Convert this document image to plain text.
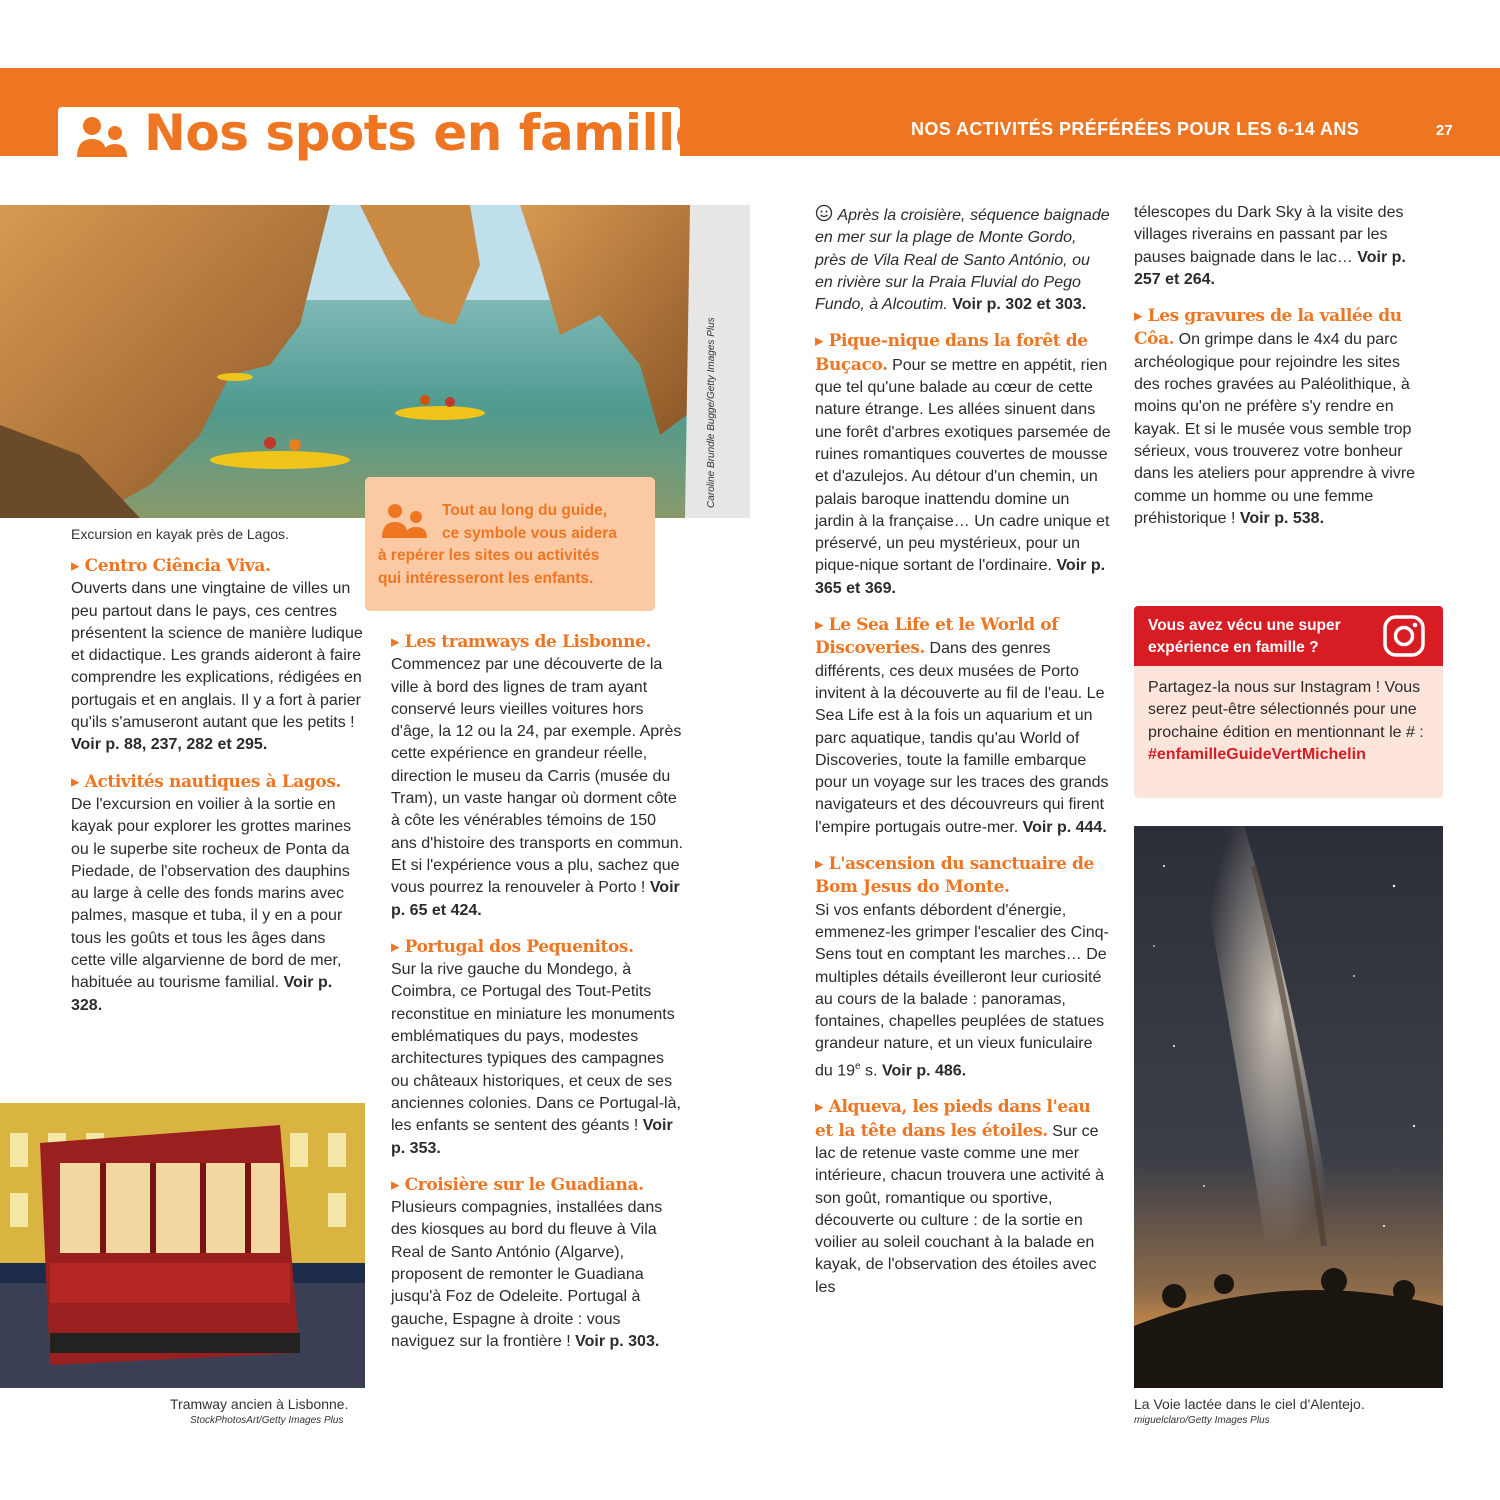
Nos spots en famille	NOS ACTIVITÉS PRÉFÉRÉES POUR LES 6-14 ANS	27
Caroline Brundle Bugge/Getty Images Plus
Excursion en kayak près de Lagos.
Tout au long du guide,
ce symbole vous aidera
à repérer les sites ou activités
qui intéresseront les enfants.

▸ Centro Ciência Viva.
Ouverts dans une vingtaine de villes un peu partout dans le pays, ces centres présentent la science de manière ludique et didactique. Les grands aideront à faire comprendre les explications, rédigées en portugais et en anglais. Il y a fort à parier qu'ils s'amuseront autant que les petits ! Voir p. 88, 237, 282 et 295.

▸ Activités nautiques à Lagos. De l'excursion en voilier à la sortie en kayak pour explorer les grottes marines ou le superbe site rocheux de Ponta da Piedade, de l'observation des dauphins au large à celle des fonds marins avec palmes, masque et tuba, il y en a pour tous les goûts et tous les âges dans cette ville algarvienne de bord de mer, habituée au tourisme familial. Voir p. 328.

Tramway ancien à Lisbonne.
StockPhotosArt/Getty Images Plus

▸ Les tramways de Lisbonne. Commencez par une découverte de la ville à bord des lignes de tram ayant conservé leurs vieilles voitures hors d'âge, la 12 ou la 24, par exemple. Après cette expérience en grandeur réelle, direction le museu da Carris (musée du Tram), un vaste hangar où dorment côte à côte les vénérables témoins de 150 ans d'histoire des transports en commun. Et si l'expérience vous a plu, sachez que vous pourrez la renouveler à Porto ! Voir p. 65 et 424.

▸ Portugal dos Pequenitos.
Sur la rive gauche du Mondego, à Coimbra, ce Portugal des Tout-Petits reconstitue en miniature les monuments emblématiques du pays, modestes architectures typiques des campagnes ou châteaux historiques, et ceux de ses anciennes colonies. Dans ce Portugal-là, les enfants se sentent des géants ! Voir p. 353.

▸ Croisière sur le Guadiana.
Plusieurs compagnies, installées dans des kiosques au bord du fleuve à Vila Real de Santo António (Algarve), proposent de remonter le Guadiana jusqu'à Foz de Odeleite. Portugal à gauche, Espagne à droite : vous naviguez sur la frontière ! Voir p. 303.

Après la croisière, séquence baignade en mer sur la plage de Monte Gordo, près de Vila Real de Santo António, ou en rivière sur la Praia Fluvial do Pego Fundo, à Alcoutim. Voir p. 302 et 303.

▸ Pique-nique dans la forêt de Buçaco. Pour se mettre en appétit, rien que tel qu'une balade au cœur de cette nature étrange. Les allées sinuent dans une forêt d'arbres exotiques parsemée de ruines romantiques couvertes de mousse et d'azulejos. Au détour d'un chemin, un palais baroque inattendu domine un jardin à la française… Un cadre unique et préservé, un peu mystérieux, pour un pique-nique sortant de l'ordinaire. Voir p. 365 et 369.

▸ Le Sea Life et le World of Discoveries. Dans des genres différents, ces deux musées de Porto invitent à la découverte au fil de l'eau. Le Sea Life est à la fois un aquarium et un parc aquatique, tandis qu'au World of Discoveries, toute la famille embarque pour un voyage sur les traces des grands navigateurs et des découvreurs qui firent l'empire portugais outre-mer. Voir p. 444.

▸ L'ascension du sanctuaire de Bom Jesus do Monte.
Si vos enfants débordent d'énergie, emmenez-les grimper l'escalier des Cinq-Sens tout en comptant les marches… De multiples détails éveilleront leur curiosité au cours de la balade : panoramas, fontaines, chapelles peuplées de statues grandeur nature, et un vieux funiculaire du 19e s. Voir p. 486.

▸ Alqueva, les pieds dans l'eau et la tête dans les étoiles. Sur ce lac de retenue vaste comme une mer intérieure, chacun trouvera une activité à son goût, romantique ou sportive, découverte ou culture : de la sortie en voilier au soleil couchant à la balade en kayak, de l'observation des étoiles avec les

télescopes du Dark Sky à la visite des villages riverains en passant par les pauses baignade dans le lac… Voir p. 257 et 264.

▸ Les gravures de la vallée du Côa. On grimpe dans le 4x4 du parc archéologique pour rejoindre les sites des roches gravées au Paléolithique, à moins qu'on ne préfère s'y rendre en kayak. Et si le musée vous semble trop sérieux, vous trouverez votre bonheur dans les ateliers pour apprendre à vivre comme un homme ou une femme préhistorique ! Voir p. 538.

Vous avez vécu une super expérience en famille ?
Partagez-la nous sur Instagram ! Vous serez peut-être sélectionnés pour une prochaine édition en mentionnant le # : #enfamilleGuideVertMichelin
La Voie lactée dans le ciel d'Alentejo.
miguelclaro/Getty Images Plus
